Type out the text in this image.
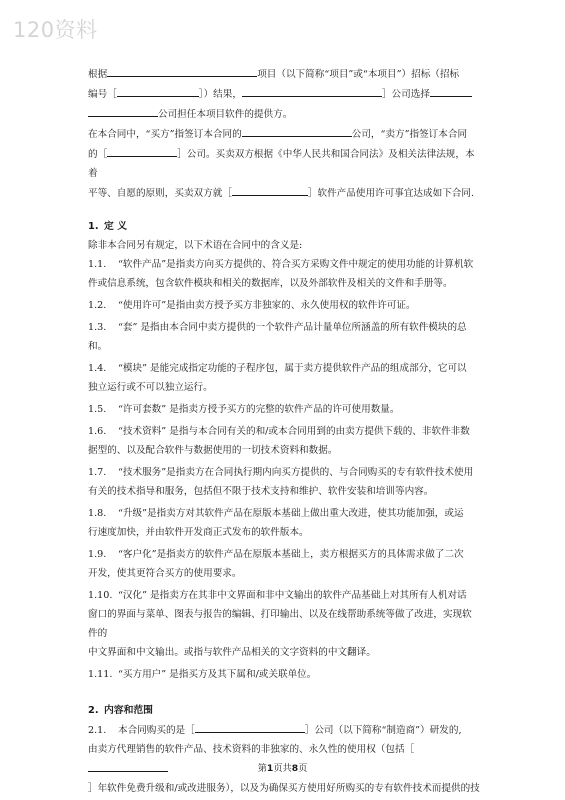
120资料

根据	项目（以下简称“项目”或“本项目”）招标（招标

编号［	］）结果，	］公司选择

公司担任本项目软件的提供方。

在本合同中，“买方”指签订本合同的	公司，“卖方”指签订本合同

的［	］公司。买卖双方根据《中华人民共和国合同法》及相关法律法规，本着

平等、自愿的原则，买卖双方就［	］软件产品使用许可事宜达成如下合同.

1. 定 义

除非本合同另有规定，以下术语在合同中的含义是:

1.1. “软件产品”是指卖方向买方提供的、符合买方采购文件中规定的使用功能的计算机软
件或信息系统，包含软件模块和相关的数据库，以及外部软件及相关的文件和手册等。
1.2. “使用许可”是指由卖方授予买方非独家的、永久使用权的软件许可证。
1.3. “套” 是指由本合同中卖方提供的一个软件产品计量单位所涵盖的所有软件模块的总
和。
1.4. “模块” 是能完成指定功能的子程序包，属于卖方提供软件产品的组成部分，它可以
独立运行或不可以独立运行。
1.5. “许可套数” 是指卖方授予买方的完整的软件产品的许可使用数量。
1.6. “技术资料” 是指与本合同有关的和/或本合同用到的由卖方提供下载的、非软件非数
据型的、以及配合软件与数据使用的一切技术资料和数据。
1.7. “技术服务”是指卖方在合同执行期内向买方提供的、与合同购买的专有软件技术使用
有关的技术指导和服务，包括但不限于技术支持和维护、软件安装和培训等内容。
1.8. “升级”是指卖方对其软件产品在原版本基础上做出重大改进，使其功能加强，或运
行速度加快，并由软件开发商正式发布的软件版本。
1.9. “客户化”是指卖方的软件产品在原版本基础上，卖方根据买方的具体需求做了二次
开发，使其更符合买方的使用要求。
1.10. “汉化” 是指卖方在其非中文界面和非中文输出的软件产品基础上对其所有人机对话
窗口的界面与菜单、图表与报告的编辑、打印输出、以及在线帮助系统等做了改进，实现软件的
中文界面和中文输出。或指与软件产品相关的文字资料的中文翻译。
1.11. “买方用户” 是指买方及其下属和/或关联单位。

2. 内容和范围

2.1. 本合同购买的是［	］公司（以下简称“制造商”）研发的,

由卖方代理销售的软件产品、技术资料的非独家的、永久性的使用权（包括［

］年软件免费升级和/或改进服务），以及为确保买方使用好所购买的专有软件技术而提供的技

第1页共8页
